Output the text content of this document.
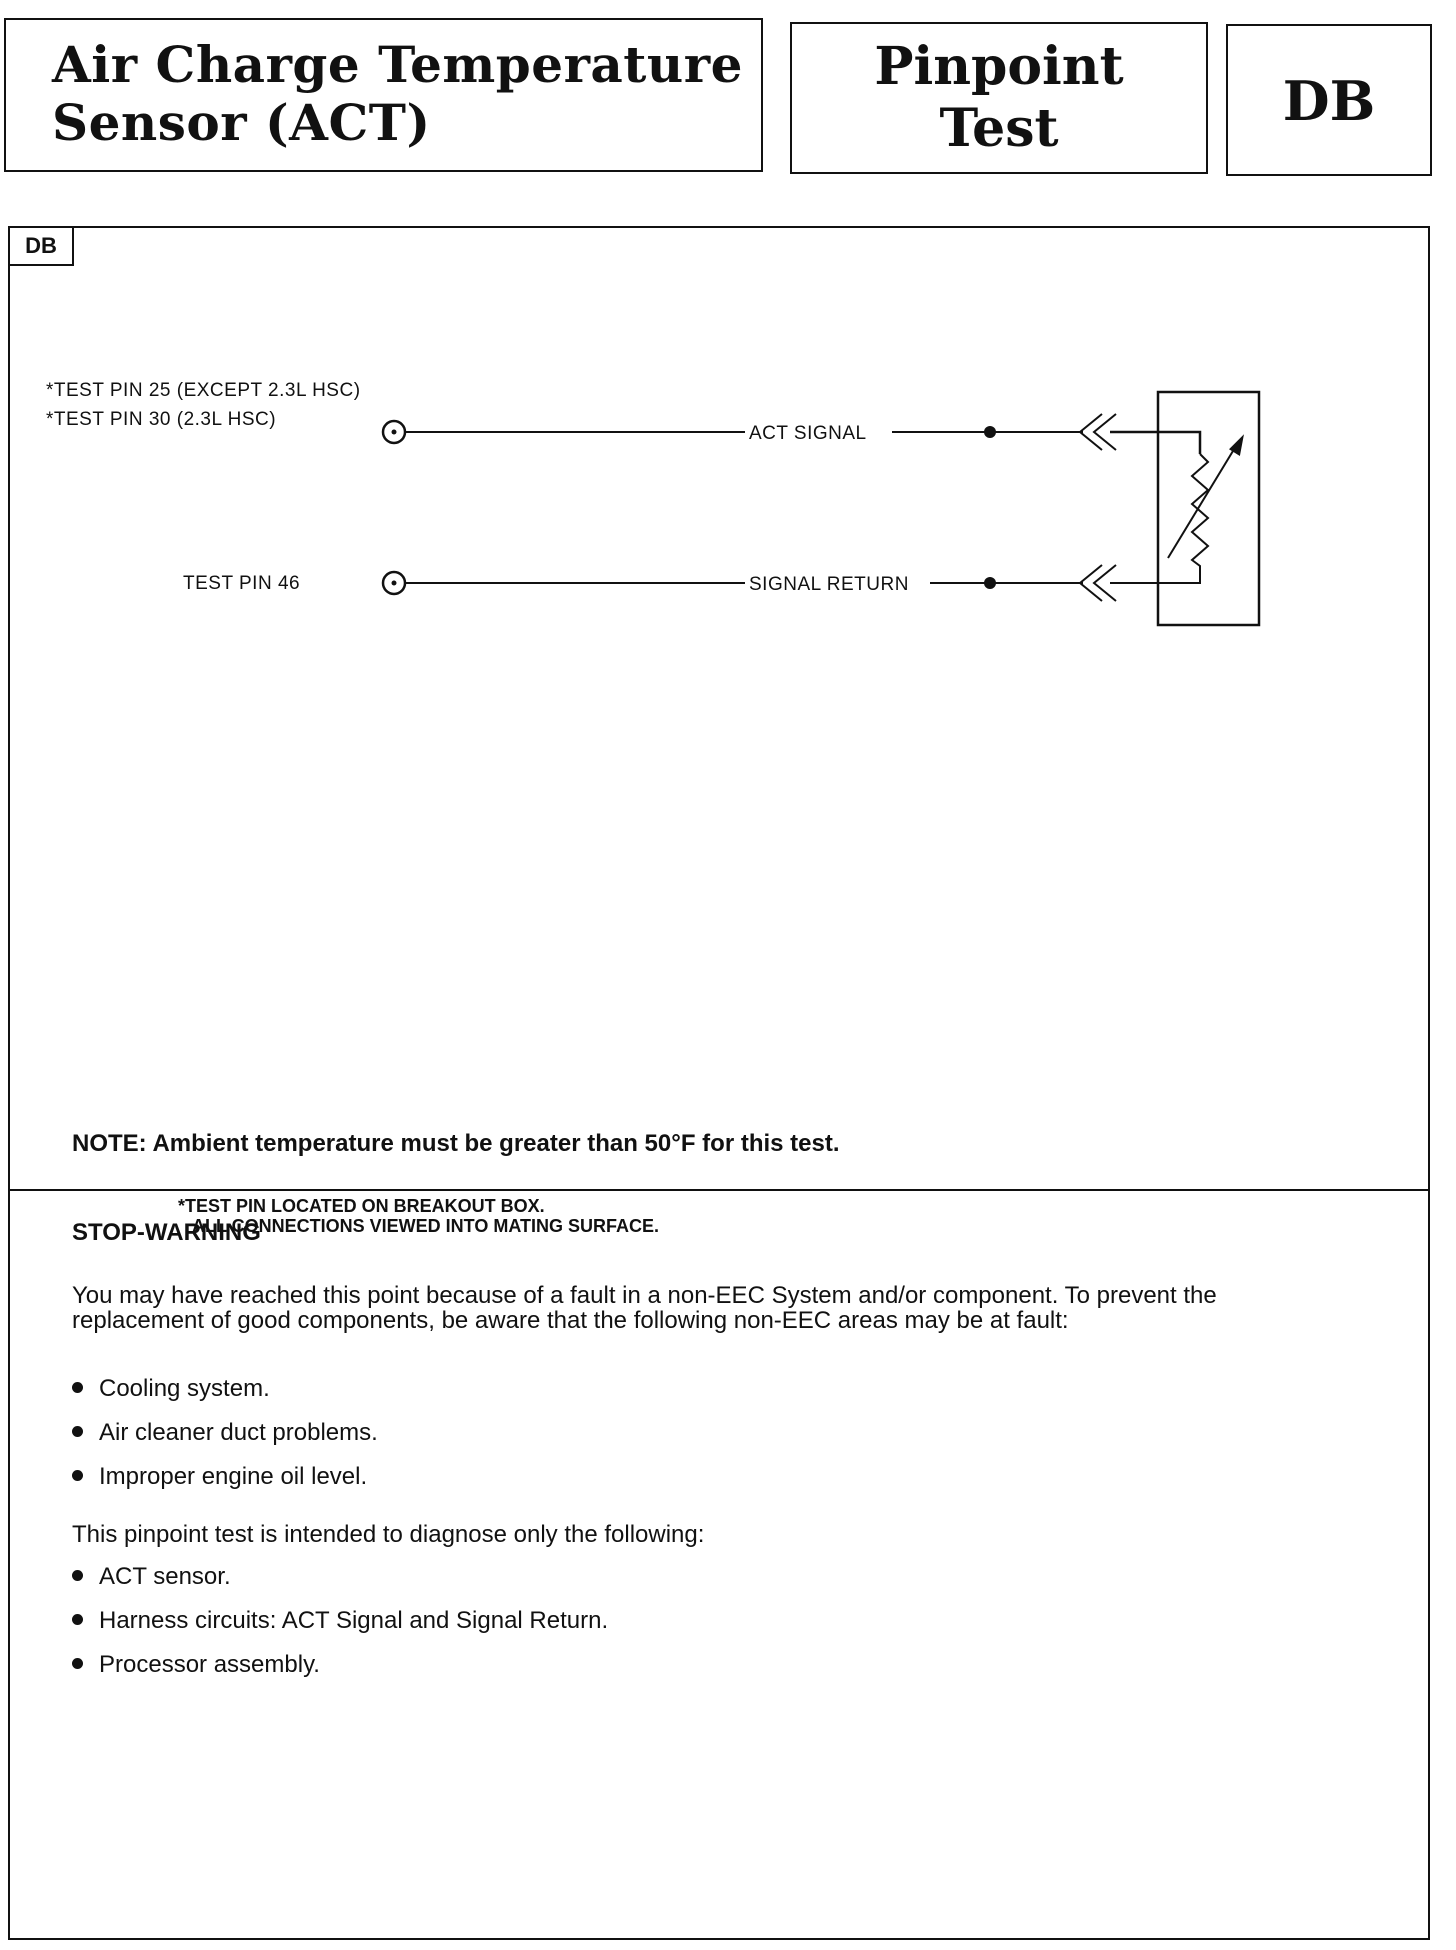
Air Charge Temperature
Sensor (ACT)
Pinpoint
Test	DB
DB
*TEST PIN 25 (EXCEPT 2.3L HSC)
*TEST PIN 30 (2.3L HSC)
TEST PIN 46
ACT SIGNAL
SIGNAL RETURN
*TEST PIN LOCATED ON BREAKOUT BOX.
ALL CONNECTIONS VIEWED INTO MATING SURFACE.
NOTE: Ambient temperature must be greater than 50°F for this test.
STOP-WARNING
You may have reached this point because of a fault in a non-EEC System and/or component. To prevent the replacement of good components, be aware that the following non-EEC areas may be at fault:
Cooling system.
Air cleaner duct problems.
Improper engine oil level.
This pinpoint test is intended to diagnose only the following:
ACT sensor.
Harness circuits: ACT Signal and Signal Return.
Processor assembly.
